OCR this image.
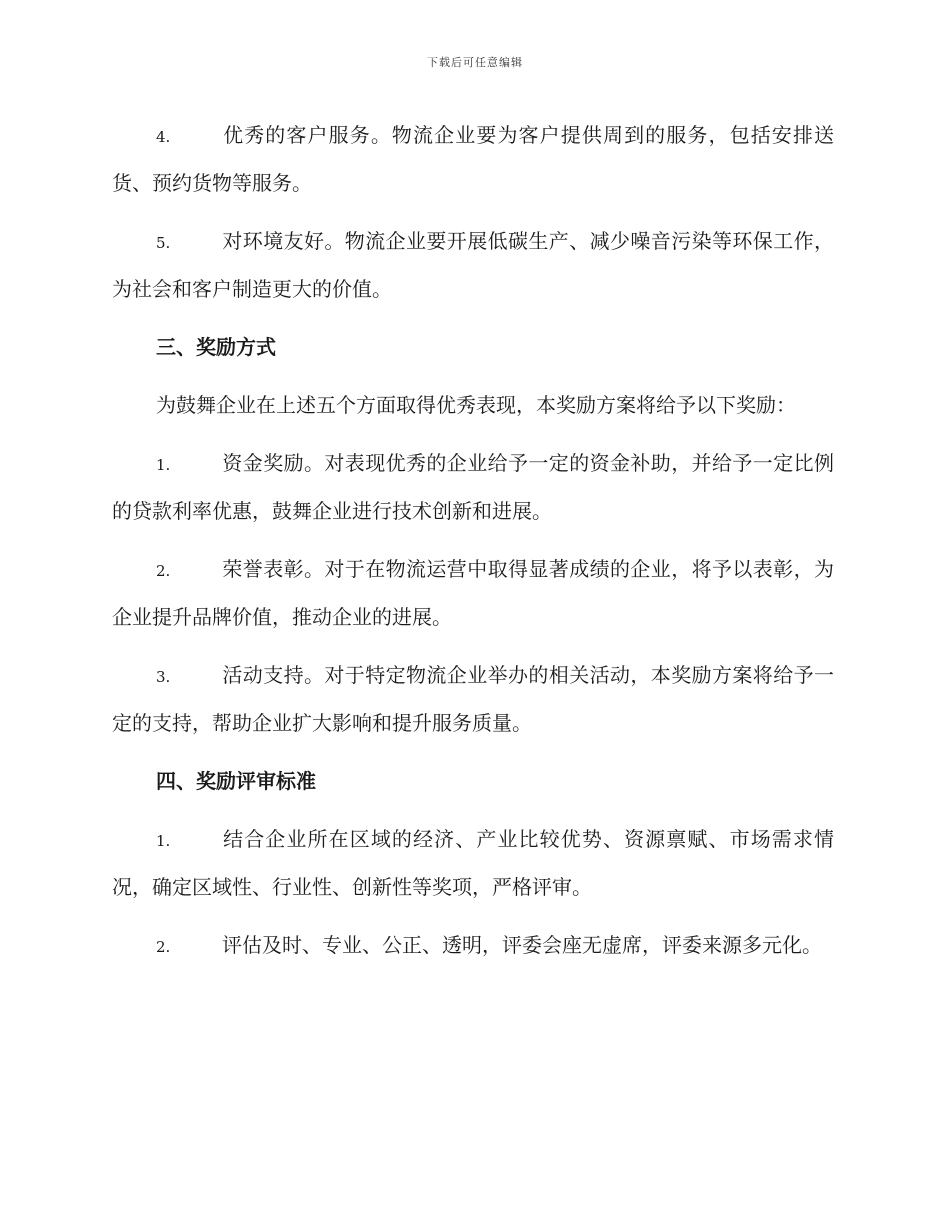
下载后可任意编辑

4.	优秀的客户服务。物流企业要为客户提供周到的服务，包括安排送货、预约货物等服务。

5.	对环境友好。物流企业要开展低碳生产、减少噪音污染等环保工作，为社会和客户制造更大的价值。

三、奖励方式

为鼓舞企业在上述五个方面取得优秀表现，本奖励方案将给予以下奖励：

1.	资金奖励。对表现优秀的企业给予一定的资金补助，并给予一定比例的贷款利率优惠，鼓舞企业进行技术创新和进展。

2.	荣誉表彰。对于在物流运营中取得显著成绩的企业，将予以表彰，为企业提升品牌价值，推动企业的进展。

3.	活动支持。对于特定物流企业举办的相关活动，本奖励方案将给予一定的支持，帮助企业扩大影响和提升服务质量。

四、奖励评审标准

1.	结合企业所在区域的经济、产业比较优势、资源禀赋、市场需求情况，确定区域性、行业性、创新性等奖项，严格评审。

2.	评估及时、专业、公正、透明，评委会座无虚席，评委来源多元化。
